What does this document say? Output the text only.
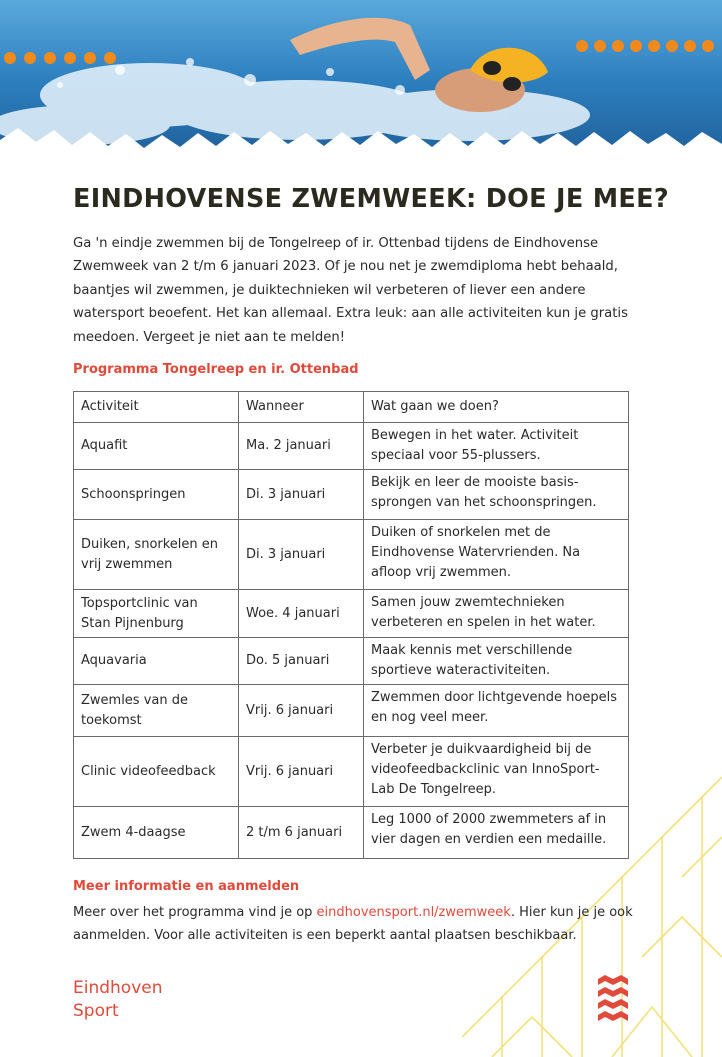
EINDHOVENSE ZWEMWEEK: DOE JE MEE?

Ga 'n eindje zwemmen bij de Tongelreep of ir. Ottenbad tijdens de Eindhovense Zwemweek van 2 t/m 6 januari 2023. Of je nou net je zwemdiploma hebt behaald, baantjes wil zwemmen, je duiktechnieken wil verbeteren of liever een andere watersport beoefent. Het kan allemaal. Extra leuk: aan alle activiteiten kun je gratis meedoen. Vergeet je niet aan te melden!

Programma Tongelreep en ir. Ottenbad
Activiteit	Wanneer	Wat gaan we doen?
Aquafit	Ma. 2 januari	Bewegen in het water. Activiteit speciaal voor 55-plussers.
Schoonspringen	Di. 3 januari	Bekijk en leer de mooiste basis-sprongen van het schoonspringen.
Duiken, snorkelen en vrij zwemmen	Di. 3 januari	Duiken of snorkelen met de Eindhovense Watervrienden. Na afloop vrij zwemmen.
Topsportclinic van Stan Pijnenburg	Woe. 4 januari	Samen jouw zwemtechnieken verbeteren en spelen in het water.
Aquavaria	Do. 5 januari	Maak kennis met verschillende sportieve wateractiviteiten.
Zwemles van de toekomst	Vrij. 6 januari	Zwemmen door lichtgevende hoepels en nog veel meer.
Clinic videofeedback	Vrij. 6 januari	Verbeter je duikvaardigheid bij de videofeedbackclinic van InnoSport-Lab De Tongelreep.
Zwem 4-daagse	2 t/m 6 januari	Leg 1000 of 2000 zwemmeters af in vier dagen en verdien een medaille.
Meer informatie en aanmelden

Meer over het programma vind je op eindhovensport.nl/zwemweek. Hier kun je je ook aanmelden. Voor alle activiteiten is een beperkt aantal plaatsen beschikbaar.

Eindhoven
Sport
